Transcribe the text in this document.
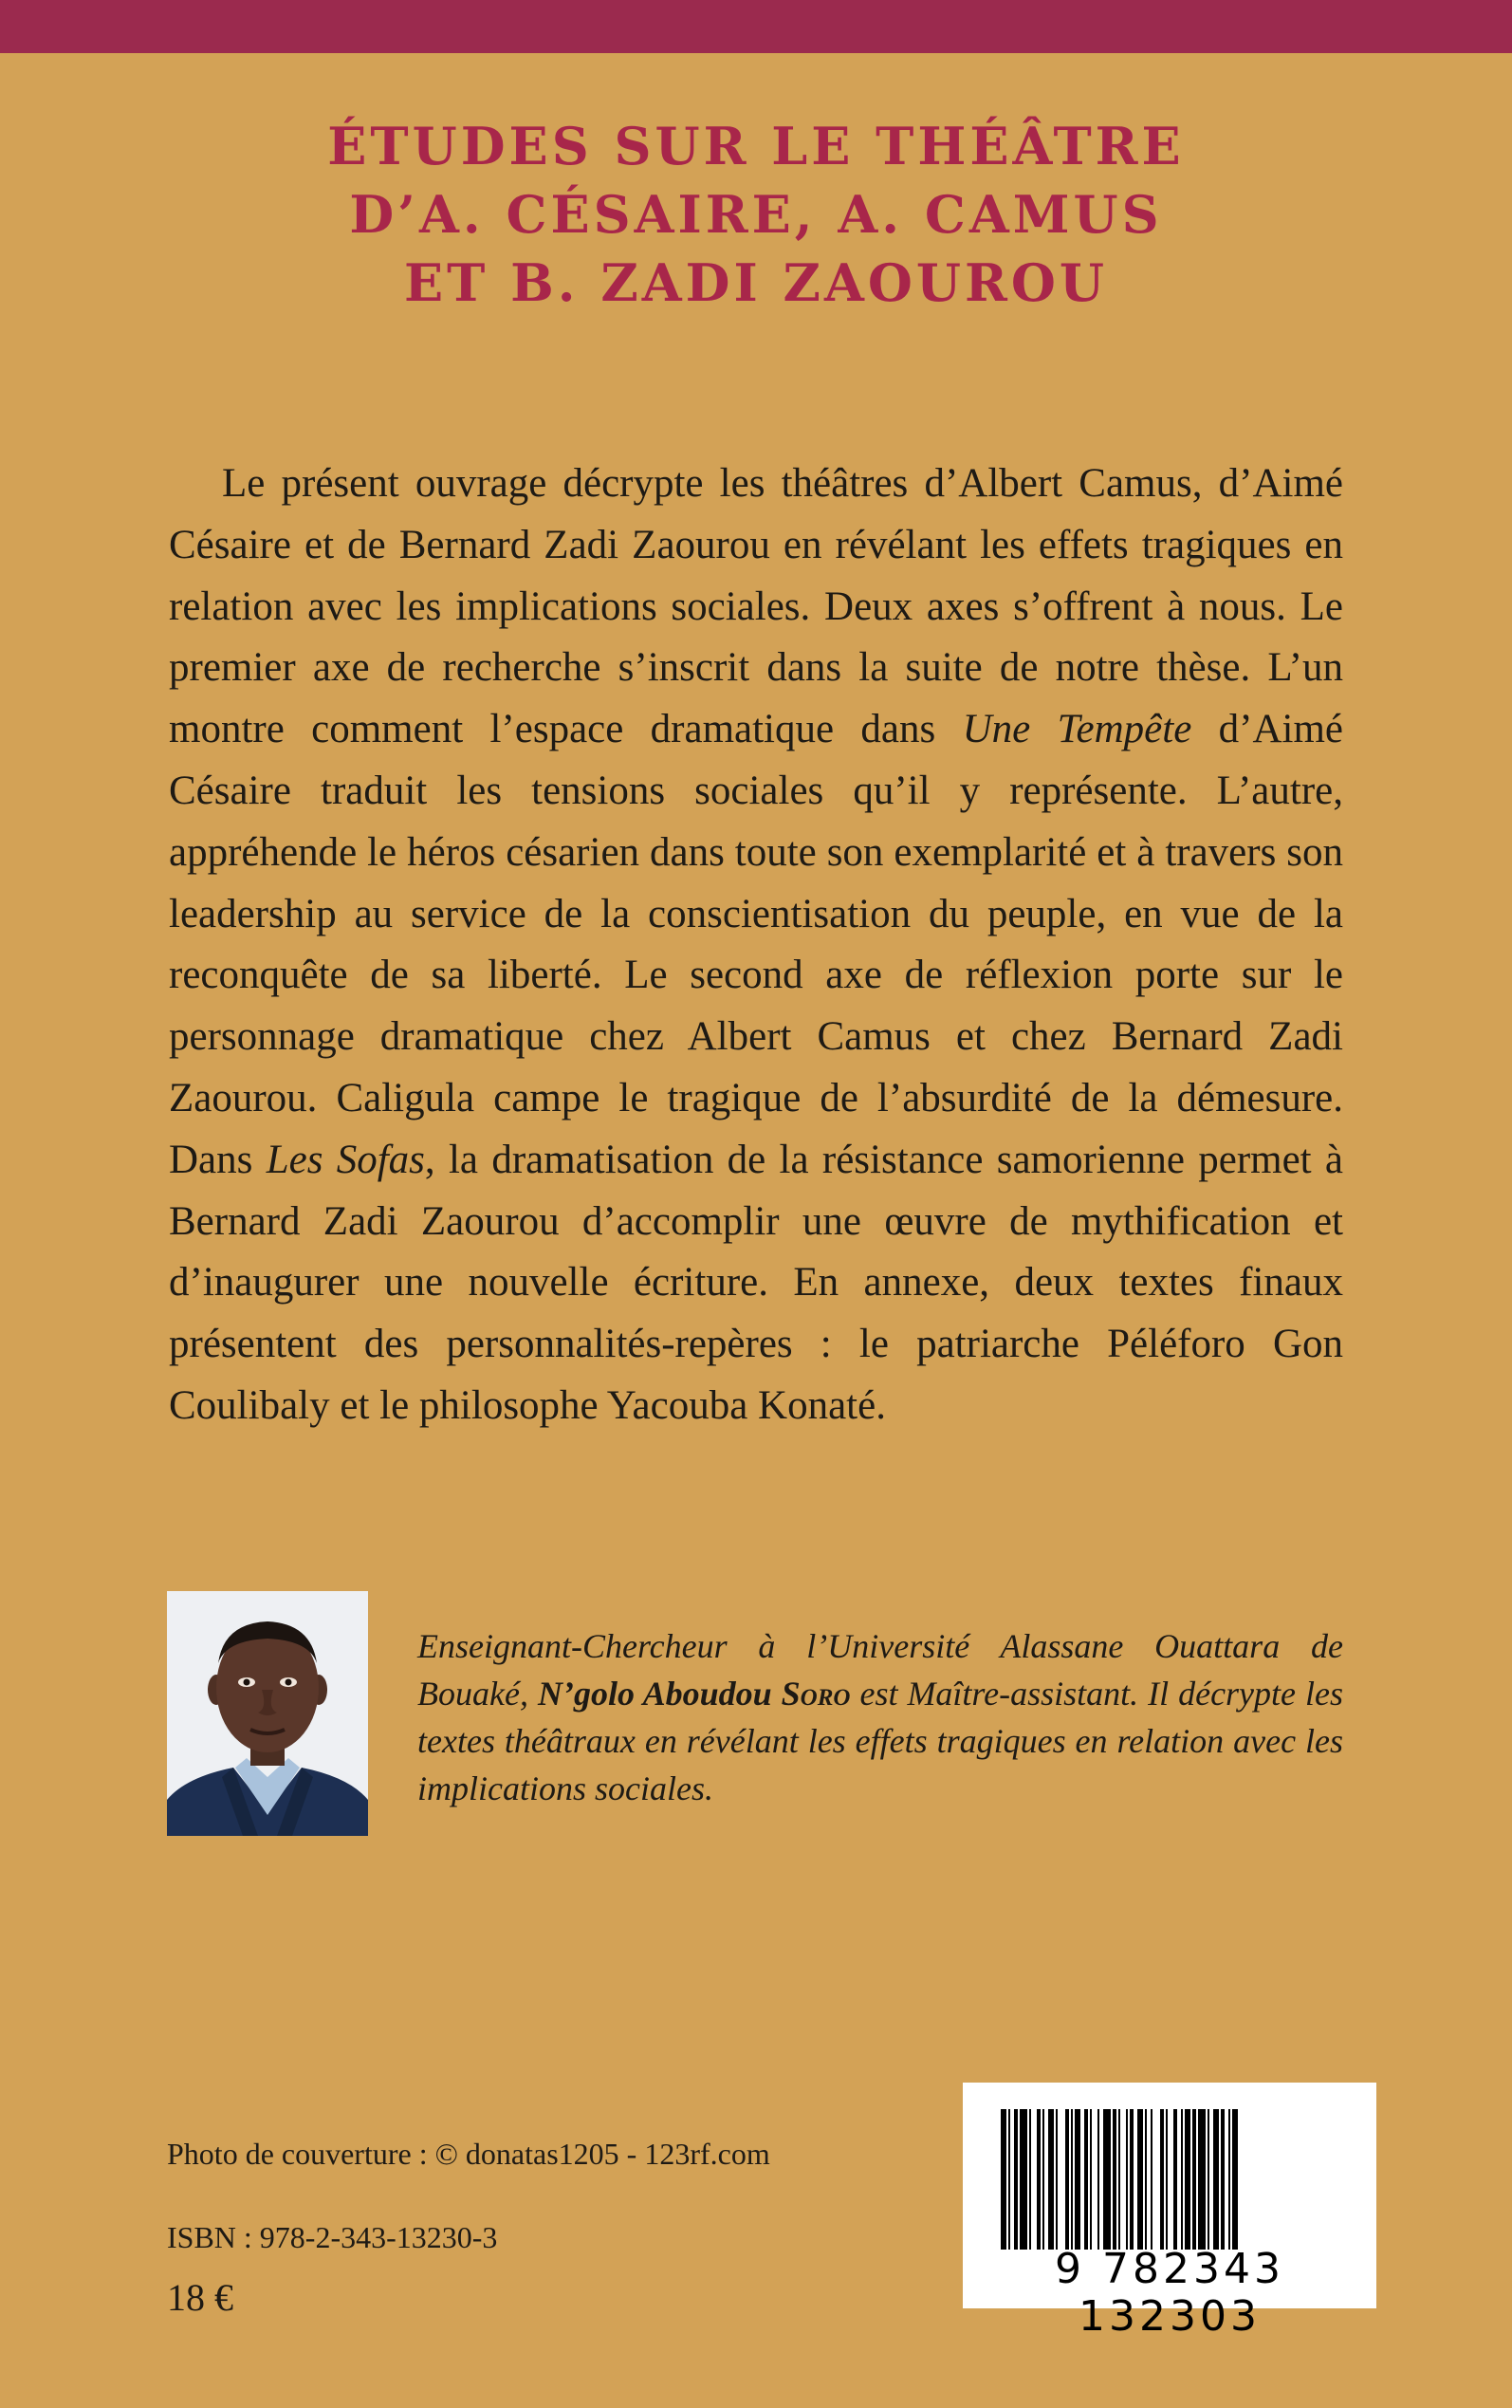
ÉTUDES SUR LE THÉÂTRE
D’A. CÉSAIRE, A. CAMUS
ET B. ZADI ZAOUROU

Le présent ouvrage décrypte les théâtres d’Albert Camus, d’Aimé Césaire et de Bernard Zadi Zaourou en révélant les effets tragiques en relation avec les implications sociales. Deux axes s’offrent à nous. Le premier axe de recherche s’inscrit dans la suite de notre thèse. L’un montre comment l’espace dramatique dans Une Tempête d’Aimé Césaire traduit les tensions sociales qu’il y représente. L’autre, appréhende le héros césarien dans toute son exemplarité et à travers son leadership au service de la conscientisation du peuple, en vue de la reconquête de sa liberté. Le second axe de réflexion porte sur le personnage dramatique chez Albert Camus et chez Bernard Zadi Zaourou. Caligula campe le tragique de l’absurdité de la démesure. Dans Les Sofas, la dramatisation de la résistance samorienne permet à Bernard Zadi Zaourou d’accomplir une œuvre de mythification et d’inaugurer une nouvelle écriture. En annexe, deux textes finaux présentent des personnalités-repères : le patriarche Péléforo Gon Coulibaly et le philosophe Yacouba Konaté.

Enseignant-Chercheur à l’Université Alassane Ouattara de Bouaké, N’golo Aboudou Soro est Maître-assistant. Il décrypte les textes théâtraux en révélant les effets tragiques en relation avec les implications sociales.

Photo de couverture : © donatas1205 - 123rf.com
ISBN : 978-2-343-13230-3
18 €
9 782343 132303
